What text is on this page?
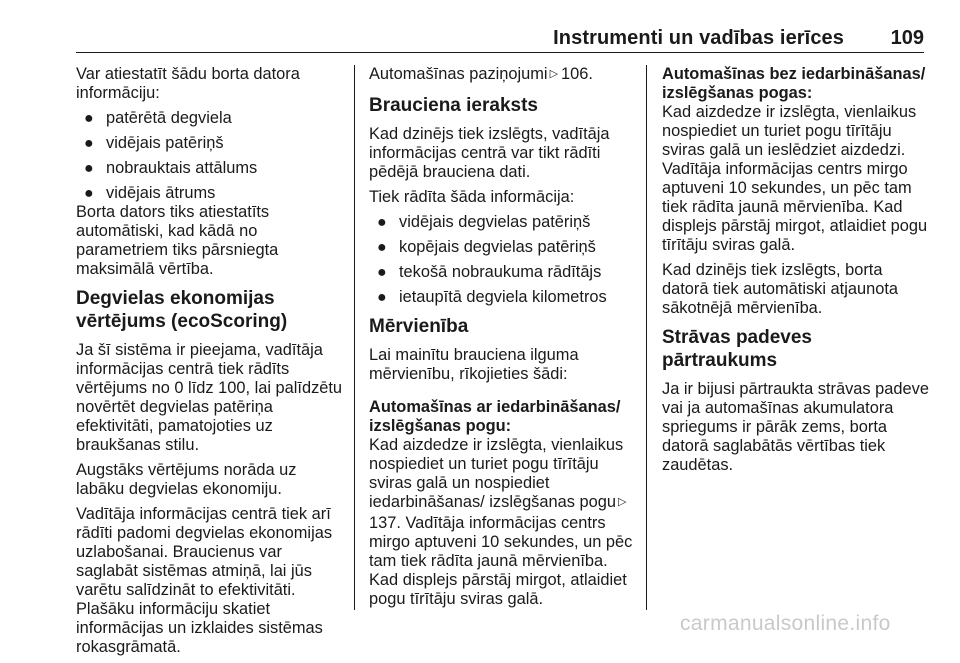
Instrumenti un vadības ierīces 109

Var atiestatīt šādu borta datora informāciju:

● patērētā degviela
● vidējais patēriņš
● nobrauktais attālums
● vidējais ātrums

Borta dators tiks atiestatīts automātiski, kad kādā no parametriem tiks pārsniegta maksimālā vērtība.

Degvielas ekonomijas vērtējums (ecoScoring)

Ja šī sistēma ir pieejama, vadītāja informācijas centrā tiek rādīts vērtējums no 0 līdz 100, lai palīdzētu novērtēt degvielas patēriņa efektivitāti, pamatojoties uz braukšanas stilu.

Augstāks vērtējums norāda uz labāku degvielas ekonomiju.

Vadītāja informācijas centrā tiek arī rādīti padomi degvielas ekonomijas uzlabošanai. Braucienus var saglabāt sistēmas atmiņā, lai jūs varētu salīdzināt to efektivitāti. Plašāku informāciju skatiet informācijas un izklaides sistēmas rokasgrāmatā.

Automašīnas paziņojumi ▷ 106.

Brauciena ieraksts

Kad dzinējs tiek izslēgts, vadītāja informācijas centrā var tikt rādīti pēdējā brauciena dati.

Tiek rādīta šāda informācija:

● vidējais degvielas patēriņš
● kopējais degvielas patēriņš
● tekošā nobraukuma rādītājs
● ietaupītā degviela kilometros
Mērvienība

Lai mainītu brauciena ilguma mērvienību, rīkojieties šādi:

Automašīnas ar iedarbināšanas/ izslēgšanas pogu:

Kad aizdedze ir izslēgta, vienlaikus nospiediet un turiet pogu tīrītāju sviras galā un nospiediet iedarbināšanas/ izslēgšanas pogu ▷137. Vadītāja informācijas centrs mirgo aptuveni 10 sekundes, un pēc tam tiek rādīta jaunā mērvienība. Kad displejs pārstāj mirgot, atlaidiet pogu tīrītāju sviras galā.

Automašīnas bez iedarbināšanas/ izslēgšanas pogas:

Kad aizdedze ir izslēgta, vienlaikus nospiediet un turiet pogu tīrītāju sviras galā un ieslēdziet aizdedzi. Vadītāja informācijas centrs mirgo aptuveni 10 sekundes, un pēc tam tiek rādīta jaunā mērvienība. Kad displejs pārstāj mirgot, atlaidiet pogu tīrītāju sviras galā.

Kad dzinējs tiek izslēgts, borta datorā tiek automātiski atjaunota sākotnējā mērvienība.

Strāvas padeves pārtraukums

Ja ir bijusi pārtraukta strāvas padeve vai ja automašīnas akumulatora spriegums ir pārāk zems, borta datorā saglabātās vērtības tiek zaudētas.

carmanualsonline.info
